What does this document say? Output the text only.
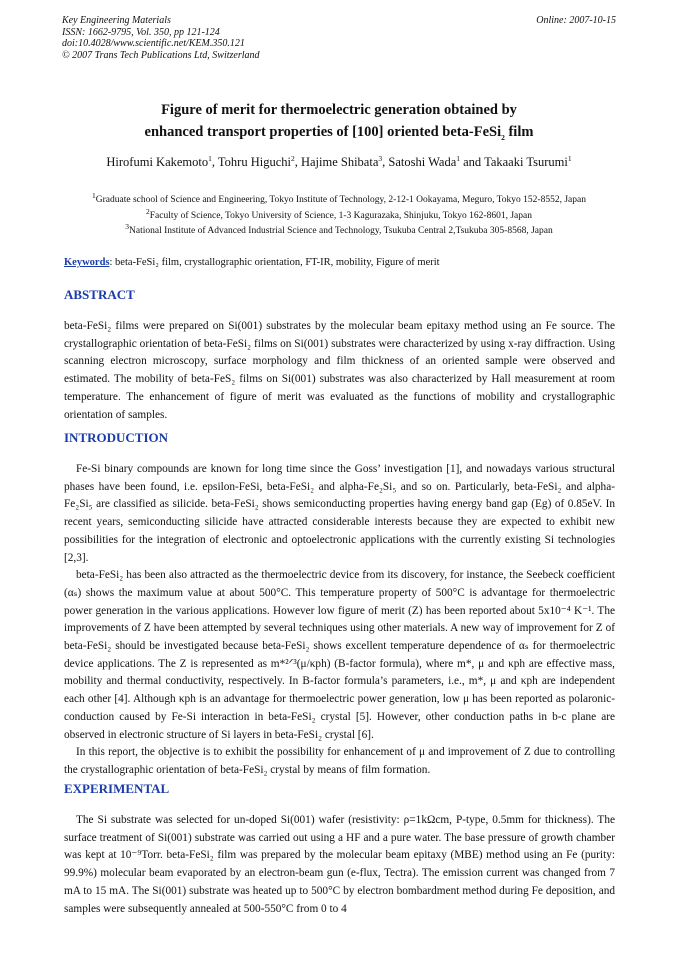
Key Engineering Materials
ISSN: 1662-9795, Vol. 350, pp 121-124
doi:10.4028/www.scientific.net/KEM.350.121
© 2007 Trans Tech Publications Ltd, Switzerland
Online: 2007-10-15
Figure of merit for thermoelectric generation obtained by
enhanced transport properties of [100] oriented beta-FeSi$_2$ film
Hirofumi Kakemoto$^1$, Tohru Higuchi$^2$, Hajime Shibata$^3$, Satoshi Wada$^1$ and Takaaki Tsurumi$^1$
$^1$Graduate school of Science and Engineering, Tokyo Institute of Technology, 2-12-1 Ookayama, Meguro, Tokyo 152-8552, Japan
$^2$Faculty of Science, Tokyo University of Science, 1-3 Kagurazaka, Shinjuku, Tokyo 162-8601, Japan
$^3$National Institute of Advanced Industrial Science and Technology, Tsukuba Central 2,Tsukuba 305-8568, Japan
Keywords: beta-FeSi₂ film, crystallographic orientation, FT-IR, mobility, Figure of merit
ABSTRACT

beta-FeSi₂ films were prepared on Si(001) substrates by the molecular beam epitaxy method using an Fe source. The crystallographic orientation of beta-FeSi₂ films on Si(001) substrates were characterized by using x-ray diffraction. Using scanning electron microscopy, surface morphology and film thickness of an oriented sample were observed and estimated. The mobility of beta-FeS₂ films on Si(001) substrates was also characterized by Hall measurement at room temperature. The enhancement of figure of merit was evaluated as the functions of mobility and crystallographic orientation of samples.

INTRODUCTION

Fe-Si binary compounds are known for long time since the Goss’ investigation [1], and nowadays various structural phases have been found, i.e. epsilon-FeSi, beta-FeSi₂ and alpha-Fe₂Si₅ and so on. Particularly, beta-FeSi₂ and alpha-Fe₂Si₅ are classified as silicide. beta-FeSi₂ shows semiconducting properties having energy band gap (Eg) of 0.85eV. In recent years, semiconducting silicide have attracted considerable interests because they are expected to exhibit new possibilities for the integration of electronic and optoelectronic applications with the currently existing Si technologies [2,3].

beta-FeSi₂ has been also attracted as the thermoelectric device from its discovery, for instance, the Seebeck coefficient (αₛ) shows the maximum value at about 500°C. This temperature property of 500°C is advantage for thermoelectric power generation in the various applications. However low figure of merit (Z) has been reported about 5x10⁻⁴ K⁻¹. The improvements of Z have been attempted by several techniques using other materials. A new way of improvement for Z of beta-FeSi₂ should be investigated because beta-FeSi₂ shows excellent temperature dependence of αₛ for thermoelectric device applications. The Z is represented as m*²ᐟ³(μ/κph) (B-factor formula), where m*, μ and κph are effective mass, mobility and thermal conductivity, respectively. In B-factor formula’s parameters, i.e., m*, μ and κph are independent each other [4]. Although κph is an advantage for thermoelectric power generation, low μ has been reported as polaronic-conduction caused by Fe-Si interaction in beta-FeSi₂ crystal [5]. However, other conduction paths in b-c plane are observed in electronic structure of Si layers in beta-FeSi₂ crystal [6].

In this report, the objective is to exhibit the possibility for enhancement of μ and improvement of Z due to controlling the crystallographic orientation of beta-FeSi₂ crystal by means of film formation.

EXPERIMENTAL

The Si substrate was selected for un-doped Si(001) wafer (resistivity: ρ=1kΩcm, P-type, 0.5mm for thickness). The surface treatment of Si(001) substrate was carried out using a HF and a pure water. The base pressure of growth chamber was kept at 10⁻⁹Torr. beta-FeSi₂ film was prepared by the molecular beam epitaxy (MBE) method using an Fe (purity: 99.9%) molecular beam evaporated by an electron-beam gun (e-flux, Tectra). The emission current was changed from 7 mA to 15 mA. The Si(001) substrate was heated up to 500°C by electron bombardment method during Fe deposition, and samples were subsequently annealed at 500-550°C from 0 to 4
